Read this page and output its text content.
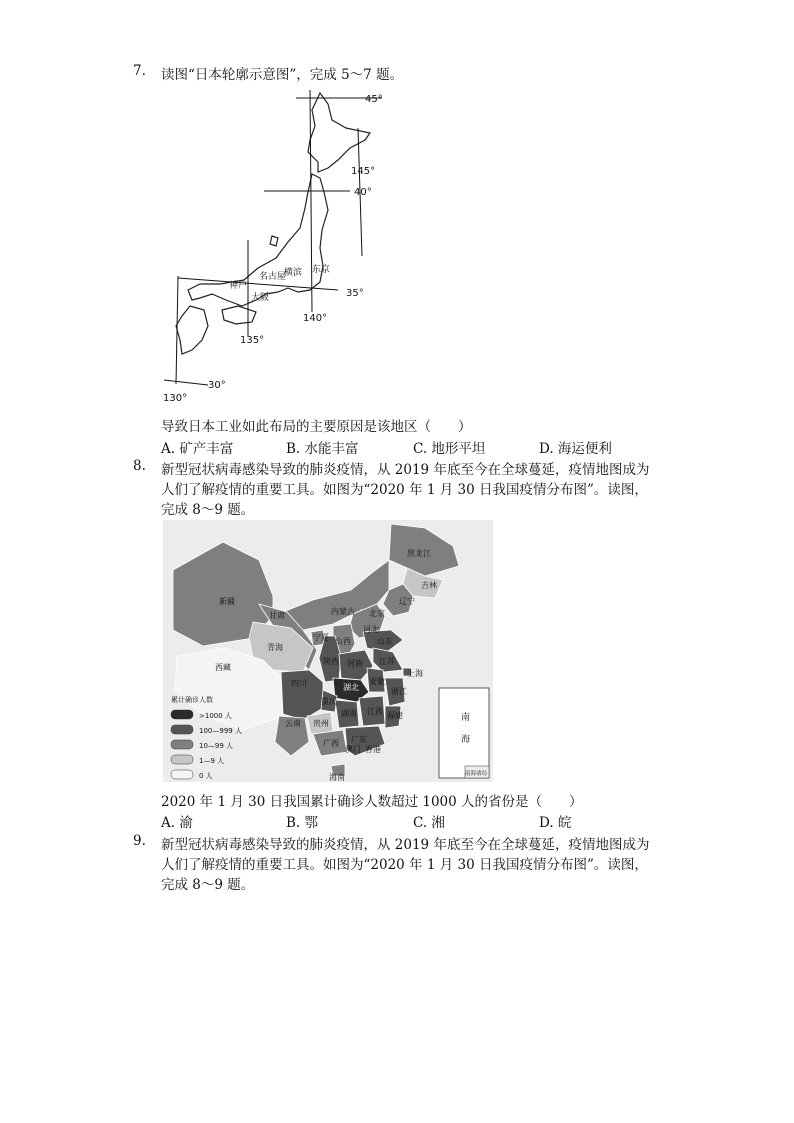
7.	读图“日本轮廓示意图”，完成 5～7 题。
45°
40°
35°
30°
145°
140°
135°
130°
名古屋
横滨 东京
神户
大阪
导致日本工业如此布局的主要原因是该地区（　　）
A. 矿产丰富	B. 水能丰富	C. 地形平坦	D. 海运便利
8.	新型冠状病毒感染导致的肺炎疫情，从 2019 年底至今在全球蔓延，疫情地图成为
人们了解疫情的重要工具。如图为“2020 年 1 月 30 日我国疫情分布图”。读图，
完成 8～9 题。
黑龙江
吉林
辽宁
内蒙古 北京
新疆
甘肃
河北
宁夏 山西	山东
青海
陕西 河南 江苏
西藏
四川	湖北
安徽
上海
重庆
浙江
贵州
湖南 江西
云南
福建
广西 广东
澳门 香港
海南
南
海
南海诸岛
累计确诊人数
>1000 人
100—999 人
10—99 人
1—9 人
0 人
2020 年 1 月 30 日我国累计确诊人数超过 1000 人的省份是（　　）
A. 渝	B. 鄂	C. 湘	D. 皖
9.	新型冠状病毒感染导致的肺炎疫情，从 2019 年底至今在全球蔓延，疫情地图成为
人们了解疫情的重要工具。如图为“2020 年 1 月 30 日我国疫情分布图”。读图，
完成 8～9 题。
